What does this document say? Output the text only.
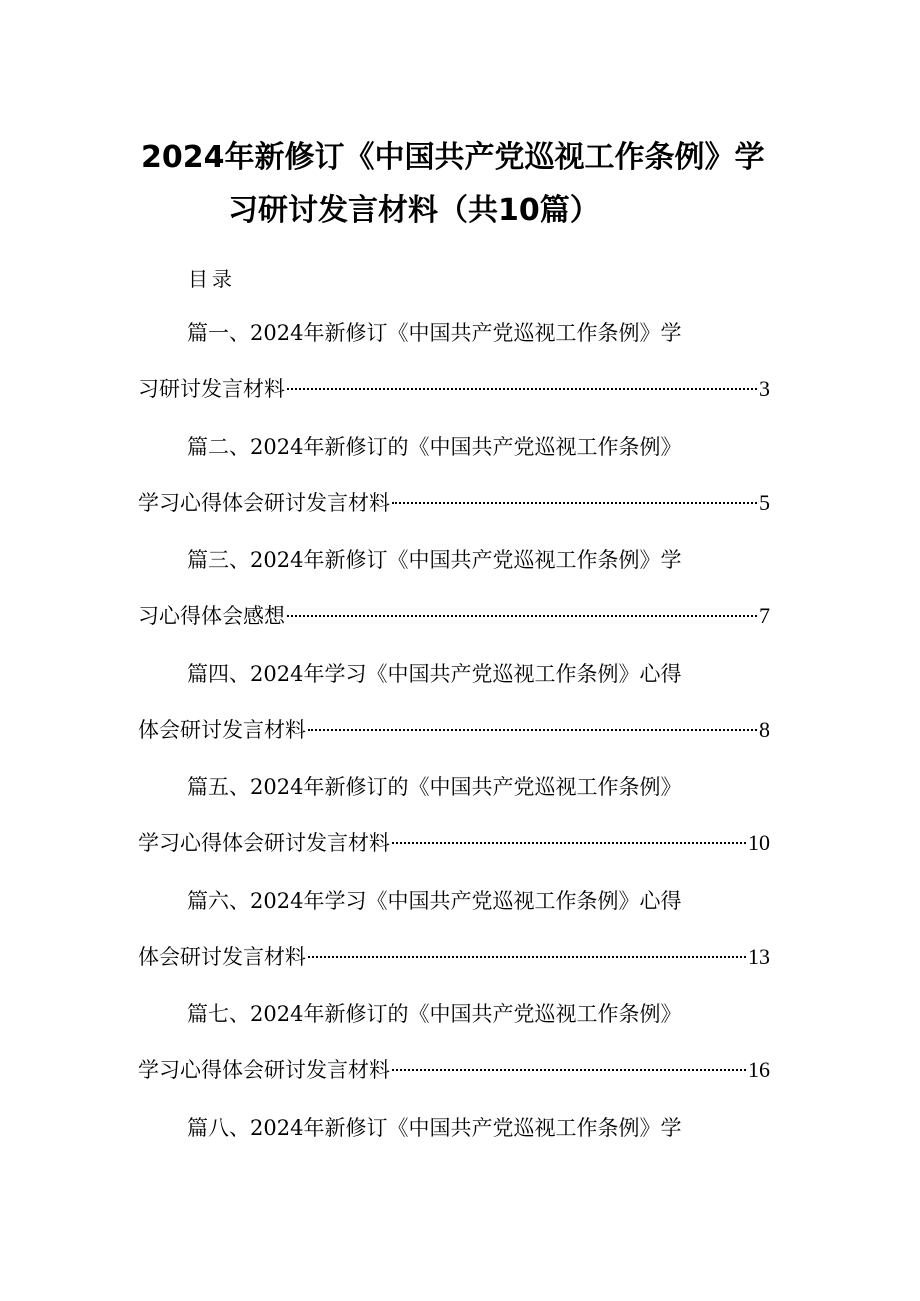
2024年新修订《中国共产党巡视工作条例》学
习研讨发言材料（共10篇）
目录
篇一、2024年新修订《中国共产党巡视工作条例》学
习研讨发言材料	3
篇二、2024年新修订的《中国共产党巡视工作条例》
学习心得体会研讨发言材料	5
篇三、2024年新修订《中国共产党巡视工作条例》学
习心得体会感想	7
篇四、2024年学习《中国共产党巡视工作条例》心得
体会研讨发言材料	8
篇五、2024年新修订的《中国共产党巡视工作条例》
学习心得体会研讨发言材料	10
篇六、2024年学习《中国共产党巡视工作条例》心得
体会研讨发言材料	13
篇七、2024年新修订的《中国共产党巡视工作条例》
学习心得体会研讨发言材料	16
篇八、2024年新修订《中国共产党巡视工作条例》学
